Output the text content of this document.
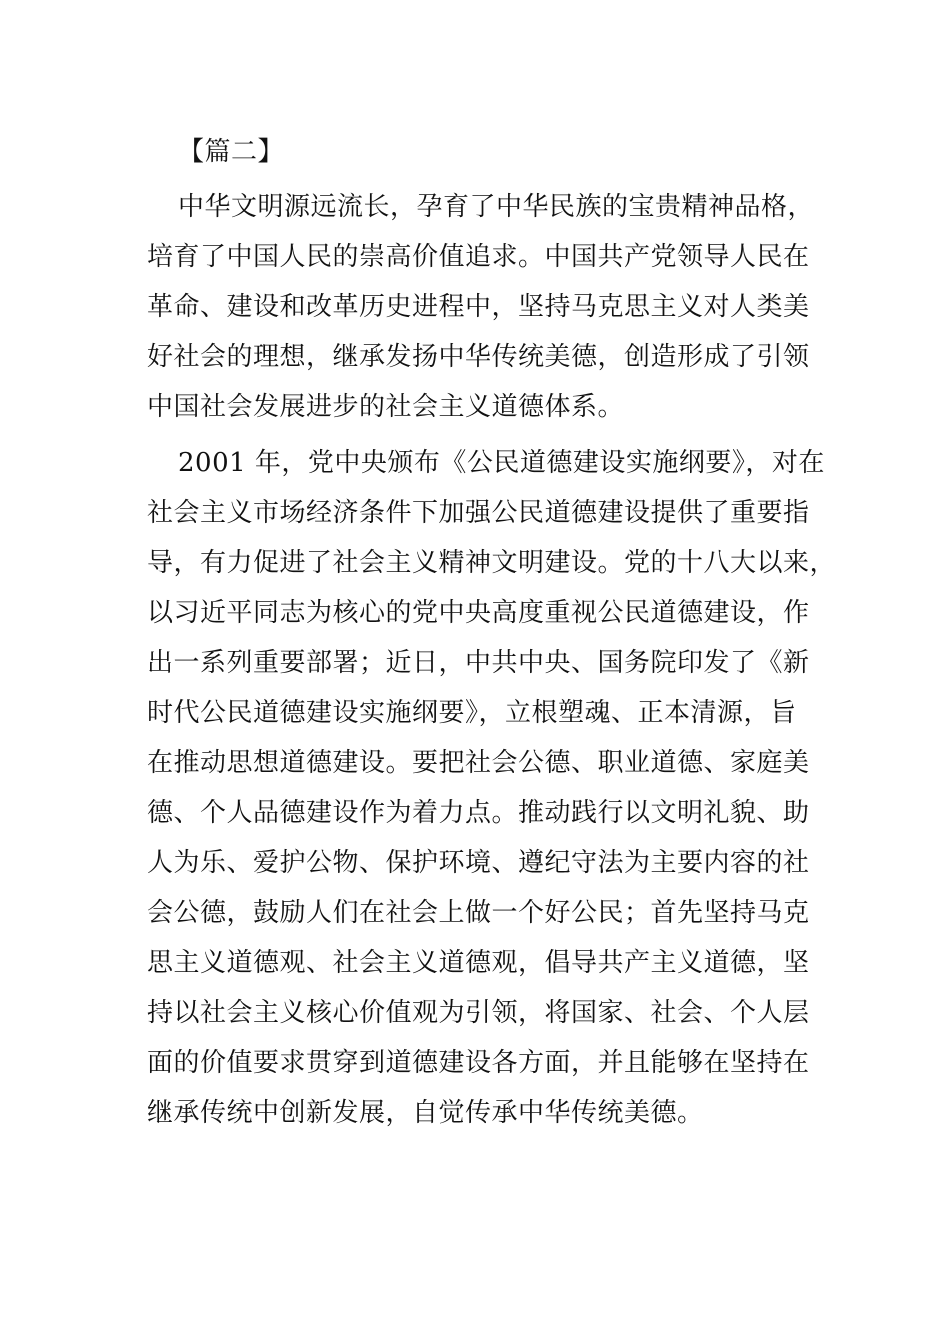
【篇二】
中华文明源远流长，孕育了中华民族的宝贵精神品格，
培育了中国人民的崇高价值追求。中国共产党领导人民在
革命、建设和改革历史进程中，坚持马克思主义对人类美
好社会的理想，继承发扬中华传统美德，创造形成了引领
中国社会发展进步的社会主义道德体系。
2001 年，党中央颁布《公民道德建设实施纲要》，对在
社会主义市场经济条件下加强公民道德建设提供了重要指
导，有力促进了社会主义精神文明建设。党的十八大以来，
以习近平同志为核心的党中央高度重视公民道德建设，作
出一系列重要部署；近日，中共中央、国务院印发了《新
时代公民道德建设实施纲要》，立根塑魂、正本清源，旨
在推动思想道德建设。要把社会公德、职业道德、家庭美
德、个人品德建设作为着力点。推动践行以文明礼貌、助
人为乐、爱护公物、保护环境、遵纪守法为主要内容的社
会公德，鼓励人们在社会上做一个好公民；首先坚持马克
思主义道德观、社会主义道德观，倡导共产主义道德，坚
持以社会主义核心价值观为引领，将国家、社会、个人层
面的价值要求贯穿到道德建设各方面，并且能够在坚持在
继承传统中创新发展，自觉传承中华传统美德。
